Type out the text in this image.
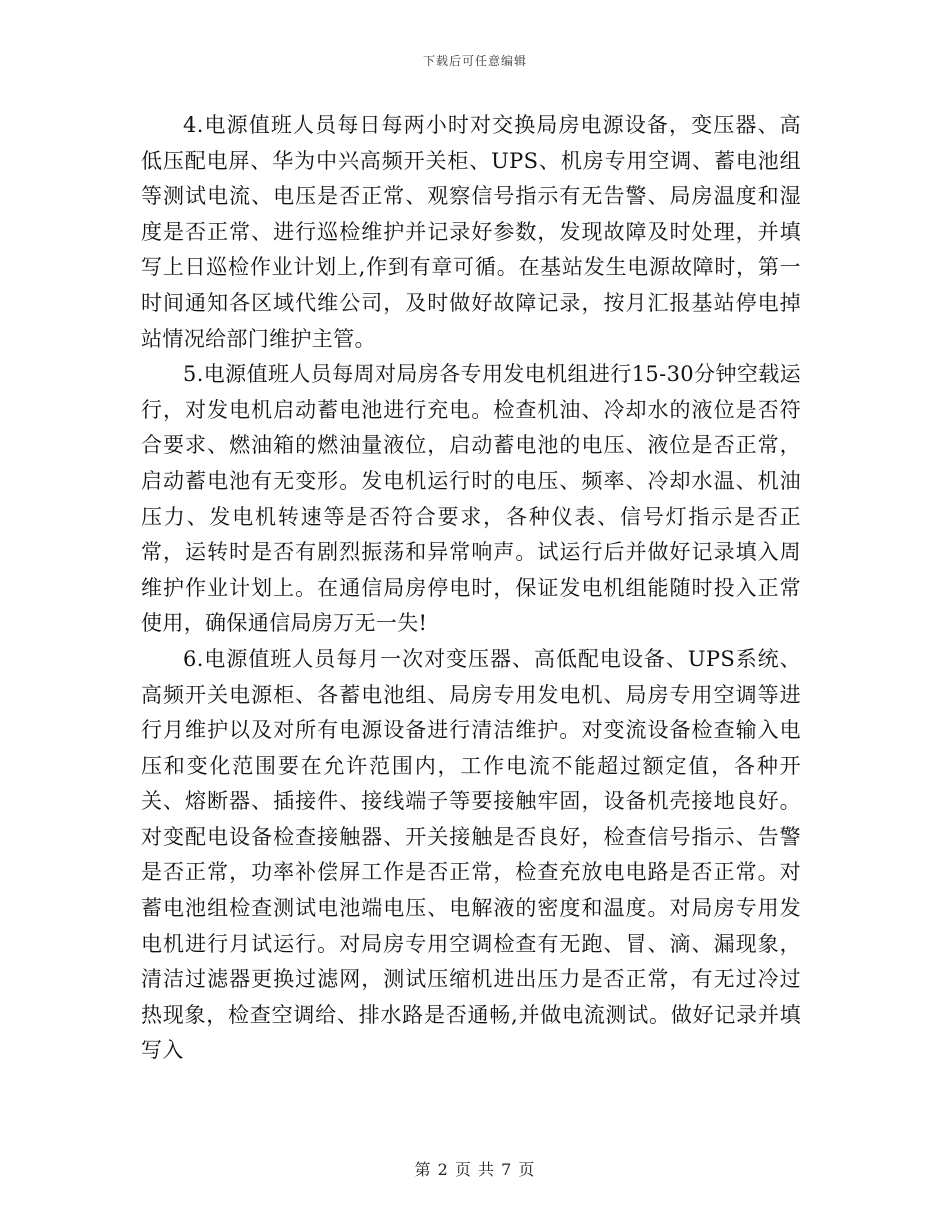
下载后可任意编辑

4.电源值班人员每日每两小时对交换局房电源设备，变压器、高低压配电屏、华为中兴高频开关柜、UPS、机房专用空调、蓄电池组等测试电流、电压是否正常、观察信号指示有无告警、局房温度和湿度是否正常、进行巡检维护并记录好参数，发现故障及时处理，并填写上日巡检作业计划上,作到有章可循。在基站发生电源故障时，第一时间通知各区域代维公司，及时做好故障记录，按月汇报基站停电掉站情况给部门维护主管。

5.电源值班人员每周对局房各专用发电机组进行15-30分钟空载运行，对发电机启动蓄电池进行充电。检查机油、冷却水的液位是否符合要求、燃油箱的燃油量液位，启动蓄电池的电压、液位是否正常，启动蓄电池有无变形。发电机运行时的电压、频率、冷却水温、机油压力、发电机转速等是否符合要求，各种仪表、信号灯指示是否正常，运转时是否有剧烈振荡和异常响声。试运行后并做好记录填入周维护作业计划上。在通信局房停电时，保证发电机组能随时投入正常使用，确保通信局房万无一失!

6.电源值班人员每月一次对变压器、高低配电设备、UPS系统、高频开关电源柜、各蓄电池组、局房专用发电机、局房专用空调等进行月维护以及对所有电源设备进行清洁维护。对变流设备检查输入电压和变化范围要在允许范围内，工作电流不能超过额定值，各种开关、熔断器、插接件、接线端子等要接触牢固，设备机壳接地良好。对变配电设备检查接触器、开关接触是否良好，检查信号指示、告警是否正常，功率补偿屏工作是否正常，检查充放电电路是否正常。对蓄电池组检查测试电池端电压、电解液的密度和温度。对局房专用发电机进行月试运行。对局房专用空调检查有无跑、冒、滴、漏现象，清洁过滤器更换过滤网，测试压缩机进出压力是否正常，有无过冷过热现象，检查空调给、排水路是否通畅,并做电流测试。做好记录并填写入

第 2 页 共 7 页
